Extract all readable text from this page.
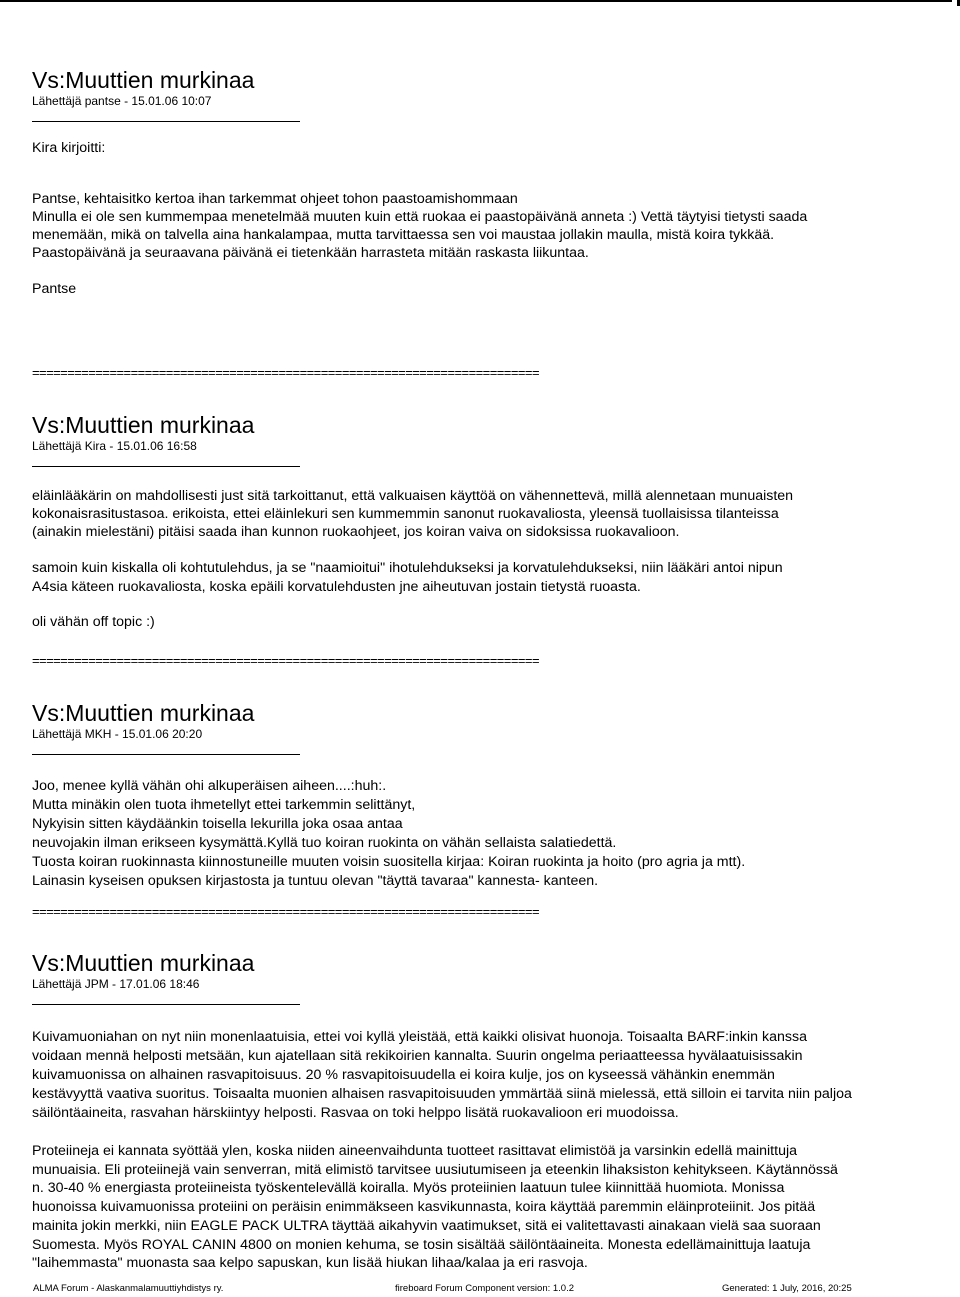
Vs:Muuttien murkinaa
Lähettäjä pantse - 15.01.06 10:07

Kira kirjoitti:

Pantse, kehtaisitko kertoa ihan tarkemmat ohjeet tohon paastoamishommaan

Minulla ei ole sen kummempaa menetelmää muuten kuin että ruokaa ei paastopäivänä anneta :) Vettä täytyisi tietysti saada

menemään, mikä on talvella aina hankalampaa, mutta tarvittaessa sen voi maustaa jollakin maulla, mistä koira tykkää.

Paastopäivänä ja seuraavana päivänä ei tietenkään harrasteta mitään raskasta liikuntaa.

Pantse

========================================================================
Vs:Muuttien murkinaa
Lähettäjä Kira - 15.01.06 16:58

eläinlääkärin on mahdollisesti just sitä tarkoittanut, että valkuaisen käyttöä on vähennettevä, millä alennetaan munuaisten

kokonaisrasitustasoa. erikoista, ettei eläinlekuri sen kummemmin sanonut ruokavaliosta, yleensä tuollaisissa tilanteissa

(ainakin mielestäni) pitäisi saada ihan kunnon ruokaohjeet, jos koiran vaiva on sidoksissa ruokavalioon.

samoin kuin kiskalla oli kohtutulehdus, ja se "naamioitui" ihotulehdukseksi ja korvatulehdukseksi, niin lääkäri antoi nipun

A4sia käteen ruokavaliosta, koska epäili korvatulehdusten jne aiheutuvan jostain tietystä ruoasta.

oli vähän off topic :)

========================================================================
Vs:Muuttien murkinaa
Lähettäjä MKH - 15.01.06 20:20

Joo, menee kyllä vähän ohi alkuperäisen aiheen....:huh:.

Mutta minäkin olen tuota ihmetellyt ettei tarkemmin selittänyt,

Nykyisin sitten käydäänkin toisella lekurilla joka osaa antaa

neuvojakin ilman erikseen kysymättä.Kyllä tuo koiran ruokinta on vähän sellaista salatiedettä.

Tuosta koiran ruokinnasta kiinnostuneille muuten voisin suositella kirjaa: Koiran ruokinta ja hoito (pro agria ja mtt).

Lainasin kyseisen opuksen kirjastosta ja tuntuu olevan "täyttä tavaraa" kannesta- kanteen.

========================================================================
Vs:Muuttien murkinaa
Lähettäjä JPM - 17.01.06 18:46

Kuivamuoniahan on nyt niin monenlaatuisia, ettei voi kyllä yleistää, että kaikki olisivat huonoja. Toisaalta BARF:inkin kanssa

voidaan mennä helposti metsään, kun ajatellaan sitä rekikoirien kannalta. Suurin ongelma periaatteessa hyvälaatuisissakin

kuivamuonissa on alhainen rasvapitoisuus. 20 % rasvapitoisuudella ei koira kulje, jos on kyseessä vähänkin enemmän

kestävyyttä vaativa suoritus. Toisaalta muonien alhaisen rasvapitoisuuden ymmärtää siinä mielessä, että silloin ei tarvita niin paljoa

säilöntäaineita, rasvahan härskiintyy helposti. Rasvaa on toki helppo lisätä ruokavalioon eri muodoissa.

Proteiineja ei kannata syöttää ylen, koska niiden aineenvaihdunta tuotteet rasittavat elimistöä ja varsinkin edellä mainittuja

munuaisia. Eli proteiinejä vain senverran, mitä elimistö tarvitsee uusiutumiseen ja eteenkin lihaksiston kehitykseen. Käytännössä

n. 30-40 % energiasta proteiineista työskentelevällä koiralla. Myös proteiinien laatuun tulee kiinnittää huomiota. Monissa

huonoissa kuivamuonissa proteiini on peräisin enimmäkseen kasvikunnasta, koira käyttää paremmin eläinproteiinit. Jos pitää

mainita jokin merkki, niin EAGLE PACK ULTRA täyttää aikahyvin vaatimukset, sitä ei valitettavasti ainakaan vielä saa suoraan

Suomesta. Myös ROYAL CANIN 4800 on monien kehuma, se tosin sisältää säilöntäaineita. Monesta edellämainittuja laatuja

"laihemmasta" muonasta saa kelpo sapuskan, kun lisää hiukan lihaa/kalaa ja eri rasvoja.

ALMA Forum - Alaskanmalamuuttiyhdistys ry.	fireboard Forum Component version: 1.0.2	Generated: 1 July, 2016, 20:25
